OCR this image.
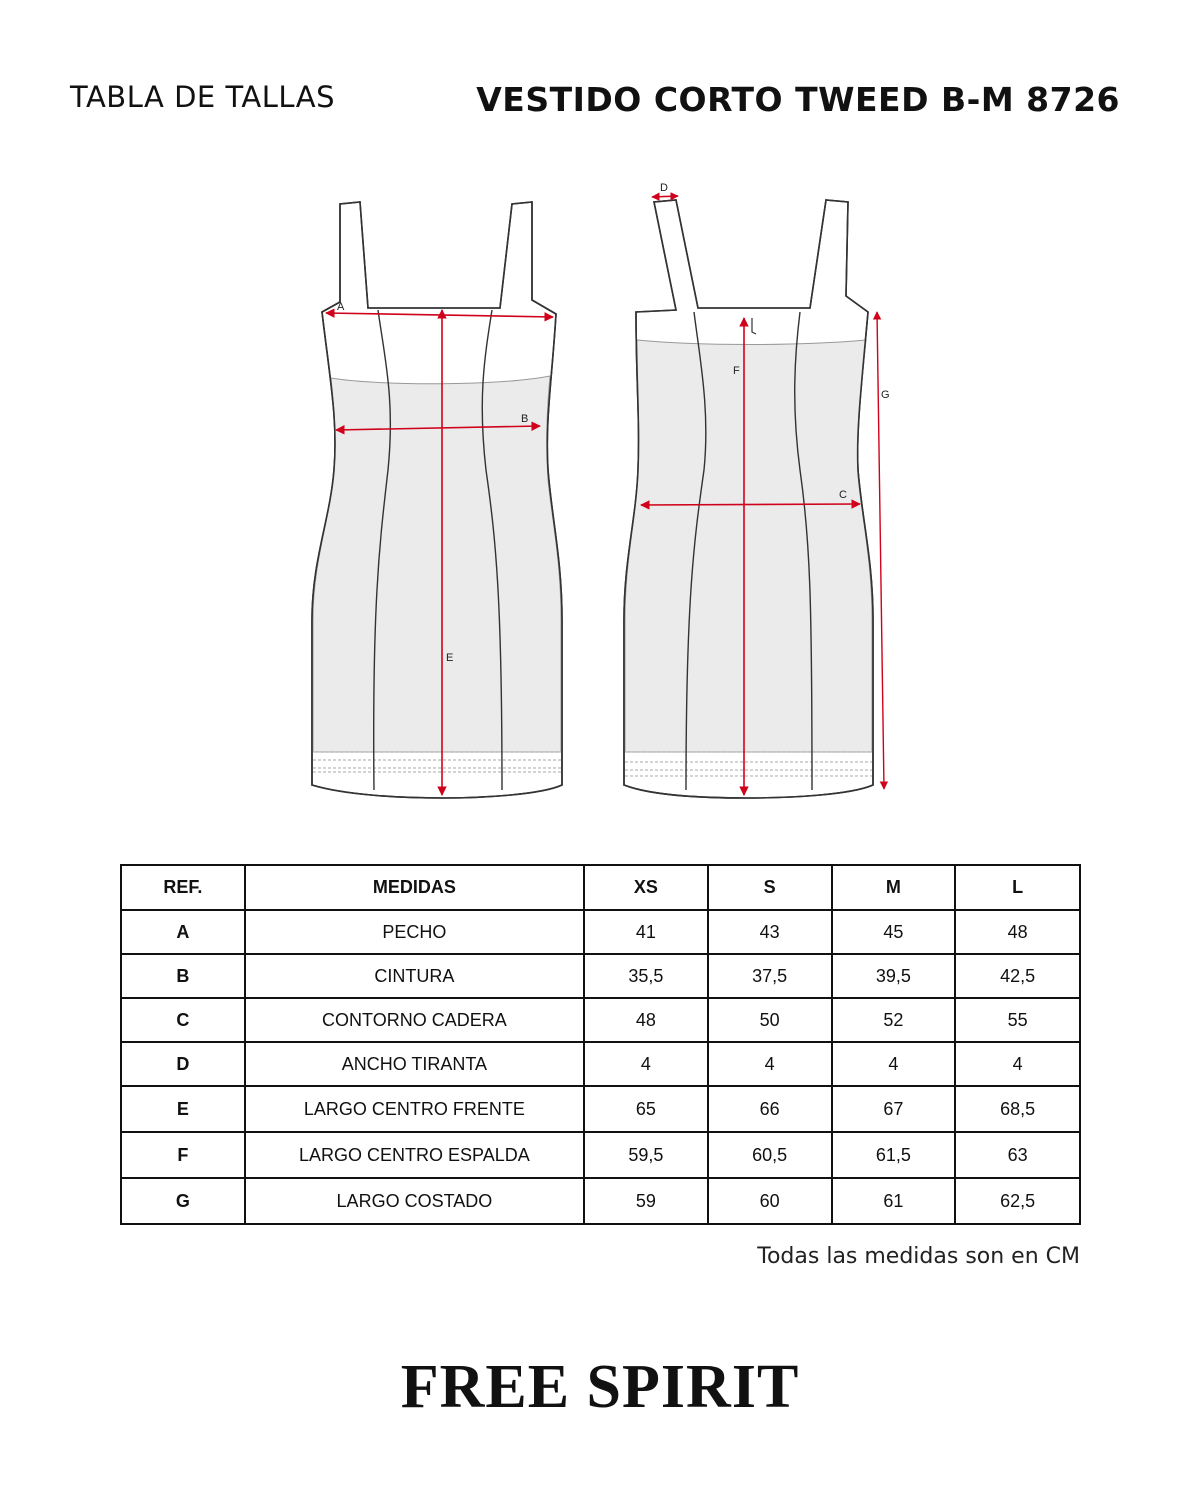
TABLA DE TALLAS	VESTIDO CORTO TWEED B-M 8726
A
B
E
D
F
C
G
REF.	MEDIDAS	XS	S	M	L
A	PECHO	41	43	45	48
B	CINTURA	35,5	37,5	39,5	42,5
C	CONTORNO CADERA	48	50	52	55
D	ANCHO TIRANTA	4	4	4	4
E	LARGO CENTRO FRENTE	65	66	67	68,5
F	LARGO CENTRO ESPALDA	59,5	60,5	61,5	63
G	LARGO COSTADO	59	60	61	62,5
Todas las medidas son en CM
FREE SPIRIT
